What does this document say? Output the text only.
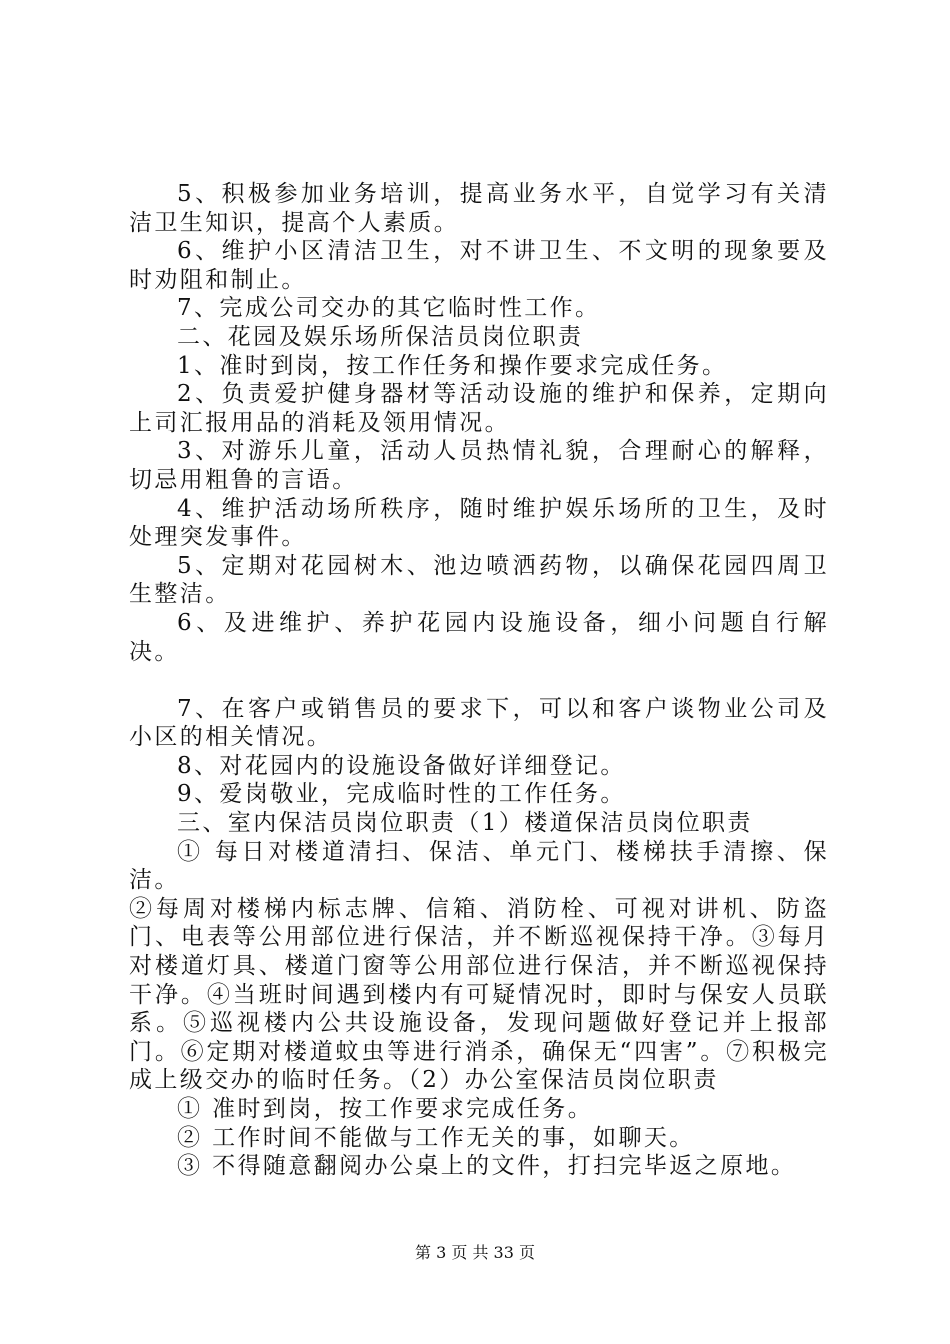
5、积极参加业务培训，提高业务水平，自觉学习有关清洁卫生知识，提高个人素质。

6、维护小区清洁卫生，对不讲卫生、不文明的现象要及时劝阻和制止。

7、完成公司交办的其它临时性工作。

二、花园及娱乐场所保洁员岗位职责

1、准时到岗，按工作任务和操作要求完成任务。

2、负责爱护健身器材等活动设施的维护和保养，定期向上司汇报用品的消耗及领用情况。

3、对游乐儿童，活动人员热情礼貌，合理耐心的解释，切忌用粗鲁的言语。

4、维护活动场所秩序，随时维护娱乐场所的卫生，及时处理突发事件。

5、定期对花园树木、池边喷洒药物，以确保花园四周卫生整洁。

6、及进维护、养护花园内设施设备，细小问题自行解决。

7、在客户或销售员的要求下，可以和客户谈物业公司及小区的相关情况。

8、对花园内的设施设备做好详细登记。

9、爱岗敬业，完成临时性的工作任务。

三、室内保洁员岗位职责（1）楼道保洁员岗位职责

① 每日对楼道清扫、保洁、单元门、楼梯扶手清擦、保洁。

②每周对楼梯内标志牌、信箱、消防栓、可视对讲机、防盗门、电表等公用部位进行保洁，并不断巡视保持干净。③每月对楼道灯具、楼道门窗等公用部位进行保洁，并不断巡视保持干净。④当班时间遇到楼内有可疑情况时，即时与保安人员联系。⑤巡视楼内公共设施设备，发现问题做好登记并上报部门。⑥定期对楼道蚊虫等进行消杀，确保无“四害”。⑦积极完成上级交办的临时任务。（2）办公室保洁员岗位职责

① 准时到岗，按工作要求完成任务。

② 工作时间不能做与工作无关的事，如聊天。

③ 不得随意翻阅办公桌上的文件，打扫完毕返之原地。

第 3 页 共 33 页
